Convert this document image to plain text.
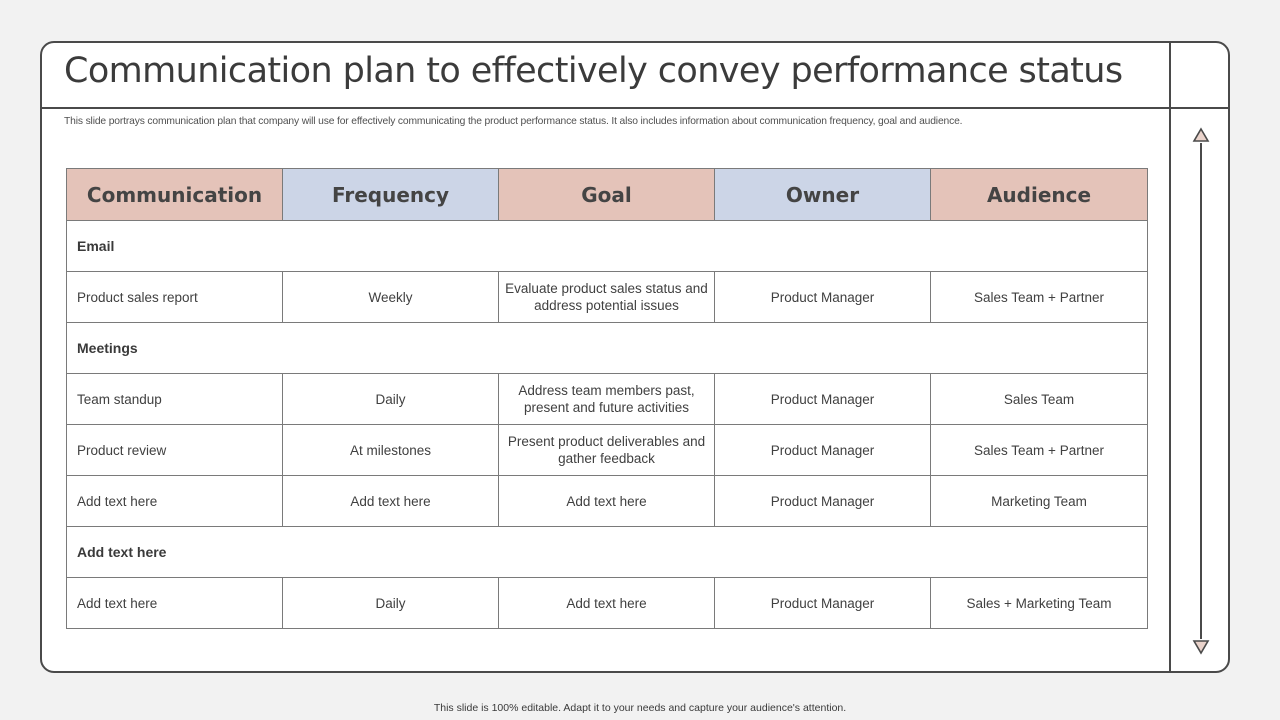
Communication plan to effectively convey performance status

This slide portrays communication plan that company will use for effectively communicating the product performance status. It also includes information about communication frequency, goal and audience.

Communication	Frequency	Goal	Owner	Audience
Email				
Product sales report	Weekly	Evaluate product sales status and address potential issues	Product Manager	Sales Team + Partner
Meetings				
Team standup	Daily	Address team members past, present and future activities	Product Manager	Sales Team
Product review	At milestones	Present product deliverables and gather feedback	Product Manager	Sales Team + Partner
Add text here	Add text here	Add text here	Product Manager	Marketing Team
Add text here				
Add text here	Daily	Add text here	Product Manager	Sales + Marketing Team
This slide is 100% editable. Adapt it to your needs and capture your audience's attention.
